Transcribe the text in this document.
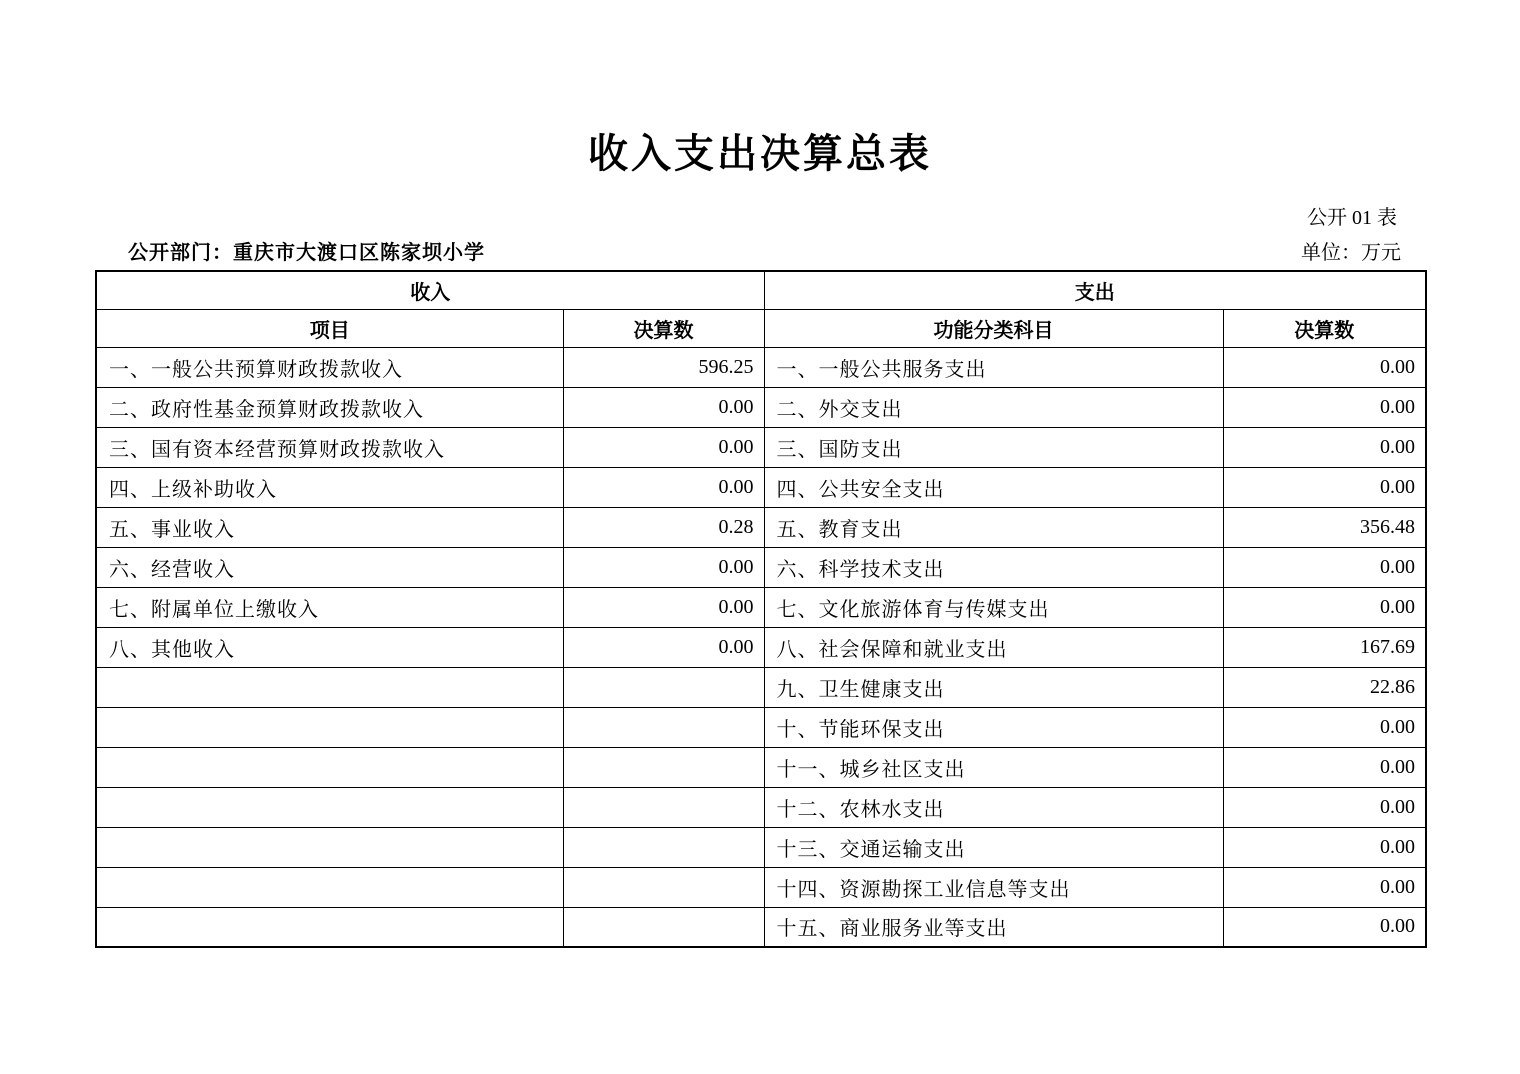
收入支出决算总表
公开 01 表
公开部门：重庆市大渡口区陈家坝小学	单位：万元
收入		支出	
项目	决算数	功能分类科目	决算数
一、一般公共预算财政拨款收入	596.25	一、一般公共服务支出	0.00
二、政府性基金预算财政拨款收入	0.00	二、外交支出	0.00
三、国有资本经营预算财政拨款收入	0.00	三、国防支出	0.00
四、上级补助收入	0.00	四、公共安全支出	0.00
五、事业收入	0.28	五、教育支出	356.48
六、经营收入	0.00	六、科学技术支出	0.00
七、附属单位上缴收入	0.00	七、文化旅游体育与传媒支出	0.00
八、其他收入	0.00	八、社会保障和就业支出	167.69
		九、卫生健康支出	22.86
		十、节能环保支出	0.00
		十一、城乡社区支出	0.00
		十二、农林水支出	0.00
		十三、交通运输支出	0.00
		十四、资源勘探工业信息等支出	0.00
		十五、商业服务业等支出	0.00
